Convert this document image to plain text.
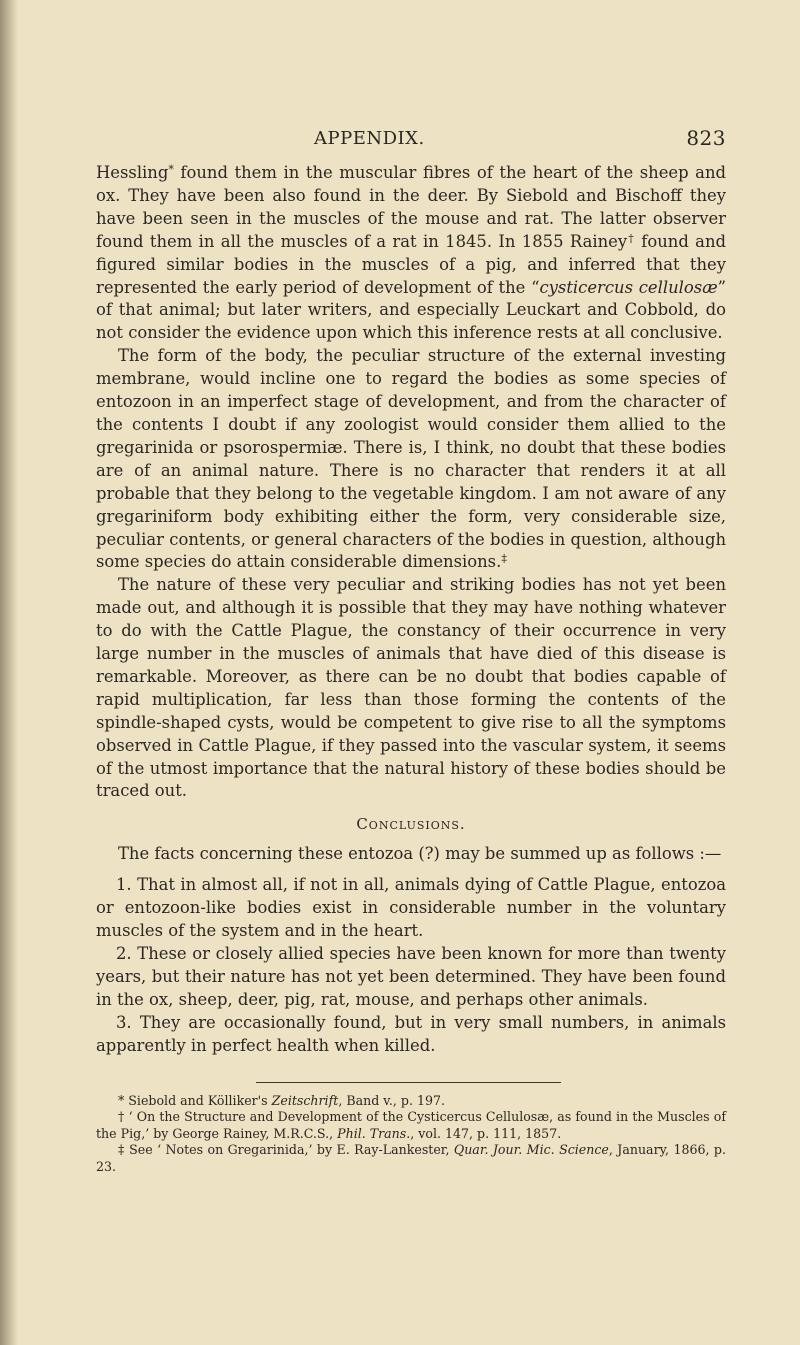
APPENDIX.	823

Hessling* found them in the muscular fibres of the heart of the sheep and ox. They have been also found in the deer. By Siebold and Bischoff they have been seen in the muscles of the mouse and rat. The latter observer found them in all the muscles of a rat in 1845. In 1855 Rainey† found and figured similar bodies in the muscles of a pig, and inferred that they represented the early period of development of the “cysticercus cellulosæ” of that animal; but later writers, and especially Leuckart and Cobbold, do not consider the evidence upon which this inference rests at all conclusive.

The form of the body, the peculiar structure of the external investing membrane, would incline one to regard the bodies as some species of entozoon in an imperfect stage of development, and from the character of the contents I doubt if any zoologist would consider them allied to the gregarinida or psorospermiæ. There is, I think, no doubt that these bodies are of an animal nature. There is no character that renders it at all probable that they belong to the vegetable kingdom. I am not aware of any gregariniform body exhibiting either the form, very considerable size, peculiar contents, or general characters of the bodies in question, although some species do attain considerable dimensions.‡

The nature of these very peculiar and striking bodies has not yet been made out, and although it is possible that they may have nothing whatever to do with the Cattle Plague, the constancy of their occurrence in very large number in the muscles of animals that have died of this disease is remarkable. Moreover, as there can be no doubt that bodies capable of rapid multiplication, far less than those forming the contents of the spindle-shaped cysts, would be competent to give rise to all the symptoms observed in Cattle Plague, if they passed into the vascular system, it seems of the utmost importance that the natural history of these bodies should be traced out.

Conclusions.

The facts concerning these entozoa (?) may be summed up as follows :—

1. That in almost all, if not in all, animals dying of Cattle Plague, entozoa or entozoon-like bodies exist in considerable number in the voluntary muscles of the system and in the heart.

2. These or closely allied species have been known for more than twenty years, but their nature has not yet been determined. They have been found in the ox, sheep, deer, pig, rat, mouse, and perhaps other animals.

3. They are occasionally found, but in very small numbers, in animals apparently in perfect health when killed.

* Siebold and Kölliker's Zeitschrift, Band v., p. 197.

† ‘ On the Structure and Development of the Cysticercus Cellulosæ, as found in the Muscles of the Pig,’ by George Rainey, M.R.C.S., Phil. Trans., vol. 147, p. 111, 1857.

‡ See ‘ Notes on Gregarinida,’ by E. Ray-Lankester, Quar. Jour. Mic. Science, January, 1866, p. 23.
